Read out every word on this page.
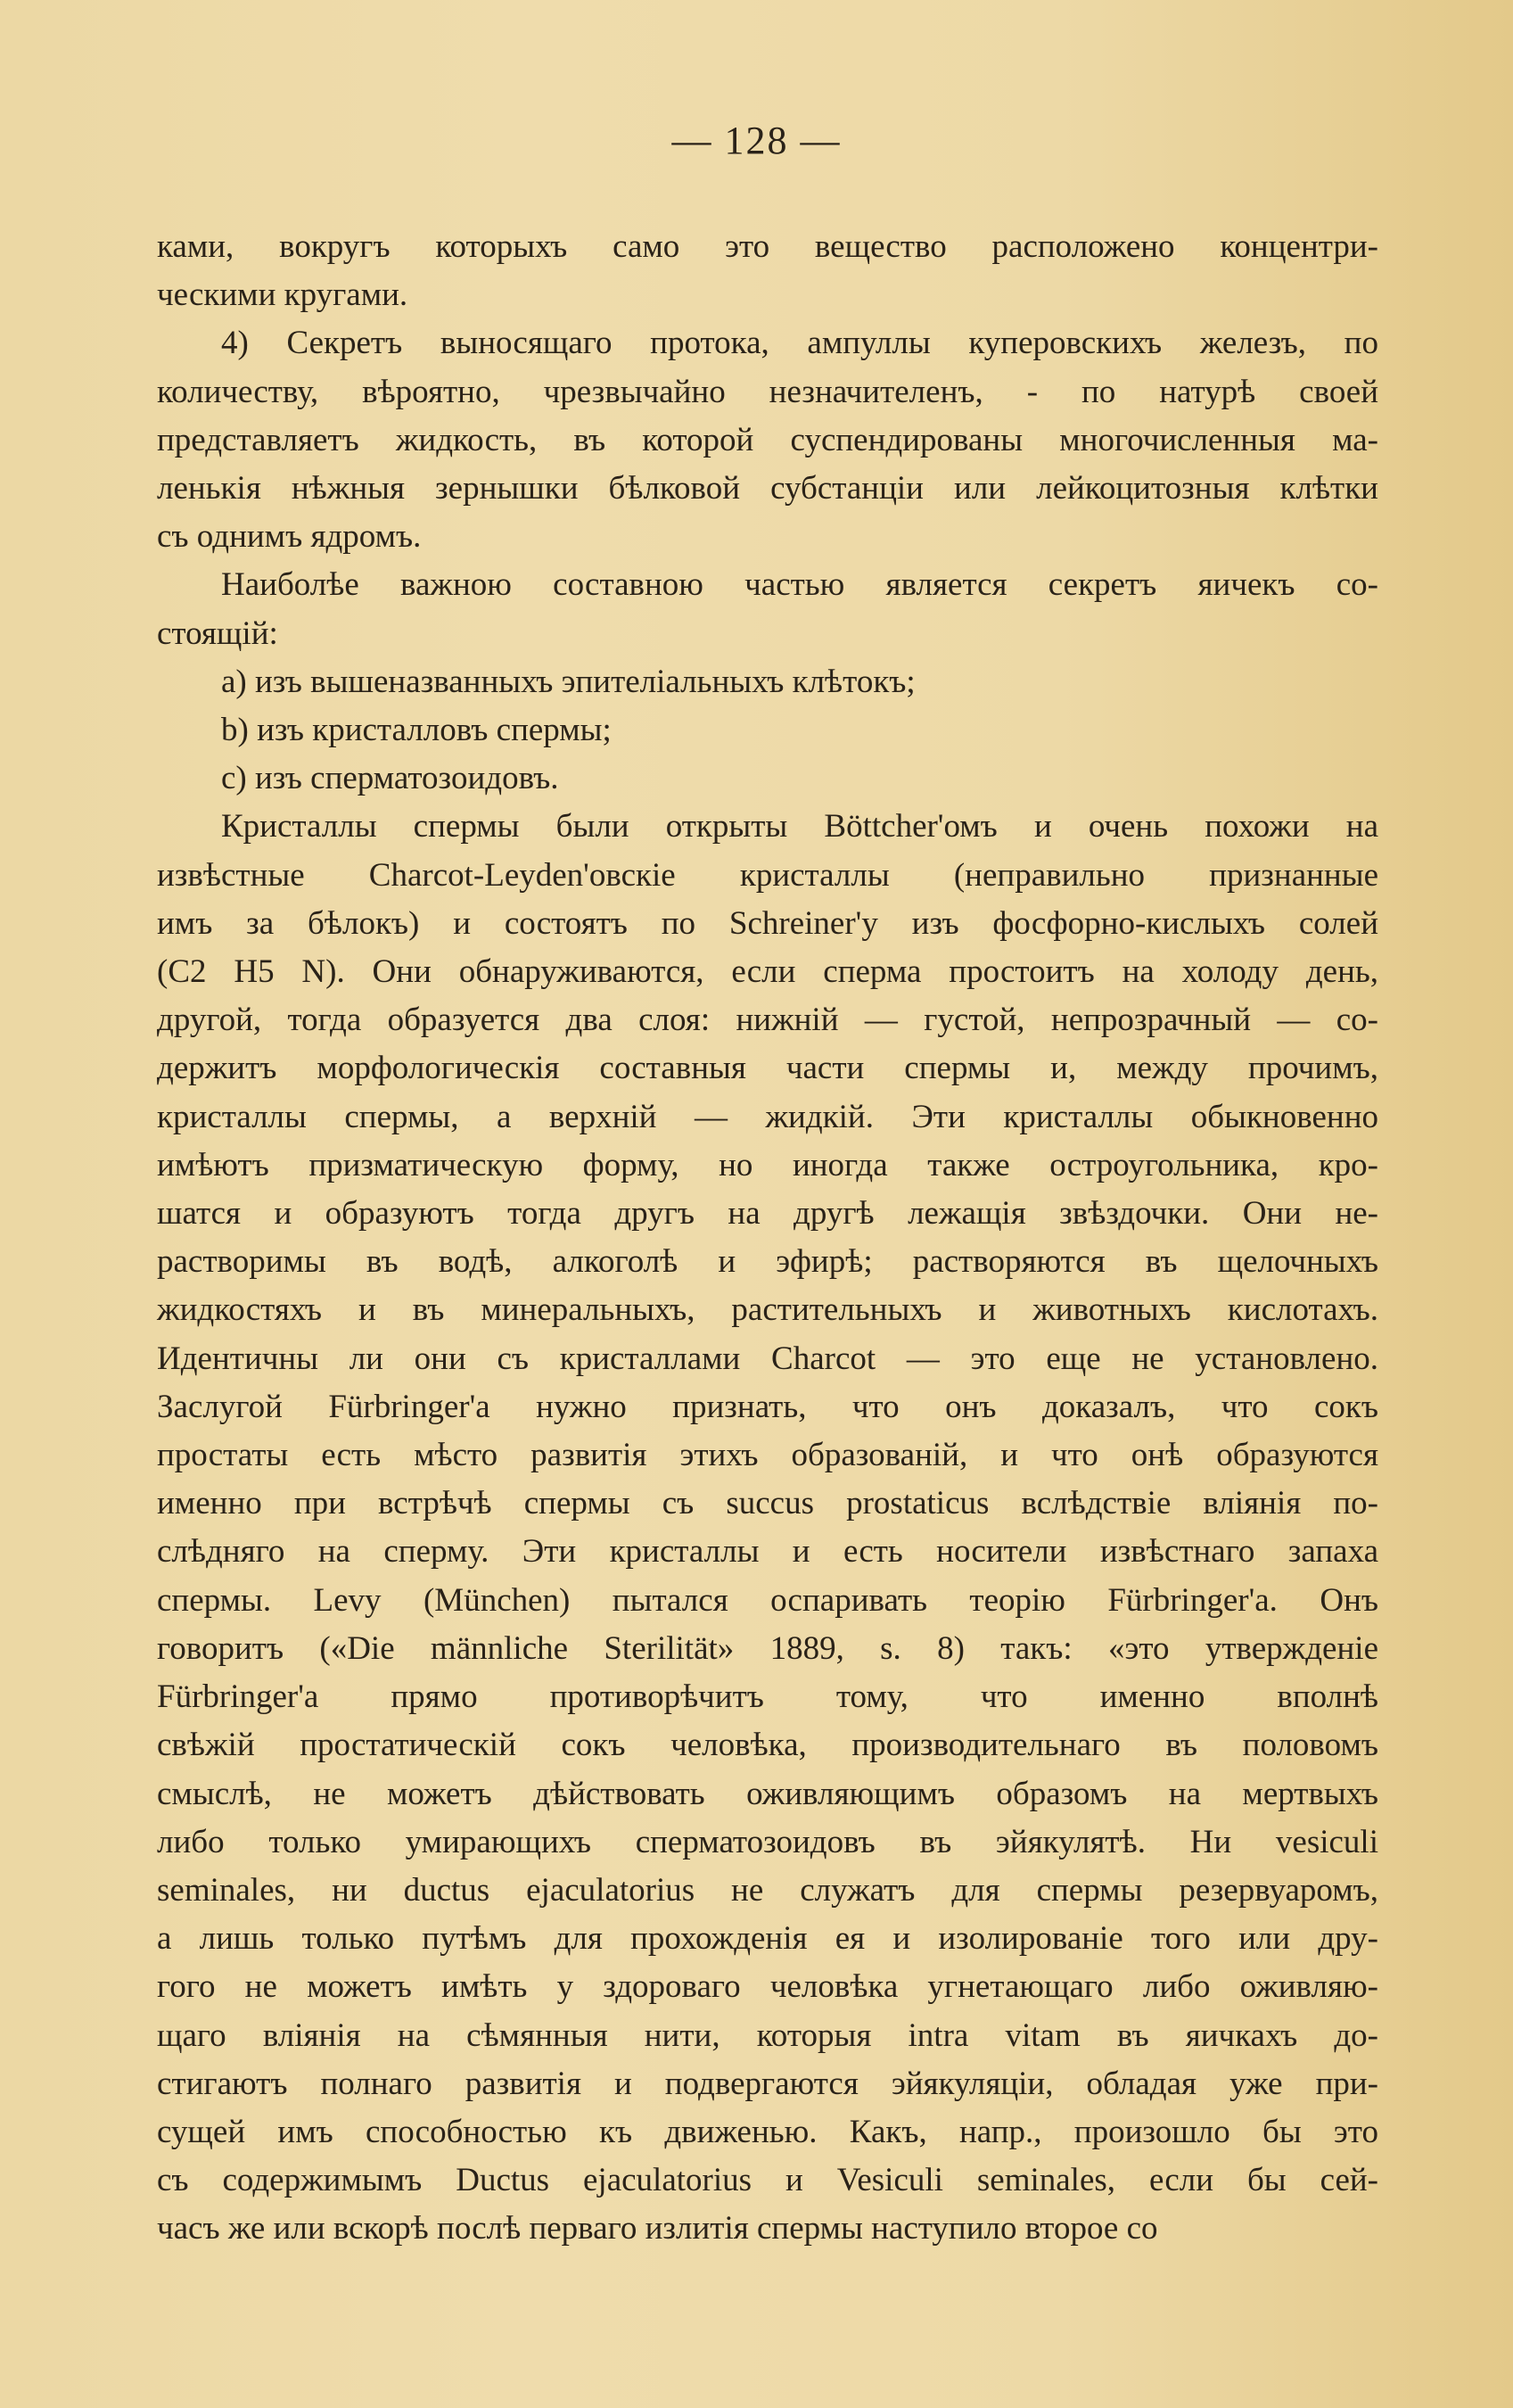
— 128 —

ками, вокругъ которыхъ само это вещество расположено концентри-

ческими кругами.

4) Секретъ выносящаго протока, ампуллы куперовскихъ железъ, по

количеству, вѣроятно, чрезвычайно незначителенъ, - по натурѣ своей

представляетъ жидкость, въ которой суспендированы многочисленныя ма-

ленькія нѣжныя зернышки бѣлковой субстанціи или лейкоцитозныя клѣтки

съ однимъ ядромъ.

Наиболѣе важною составною частью является секретъ яичекъ со-

стоящій:

a) изъ вышеназванныхъ эпителіальныхъ клѣтокъ;

b) изъ кристалловъ спермы;

c) изъ сперматозоидовъ.

Кристаллы спермы были открыты Böttcher'омъ и очень похожи на

извѣстные Charcot-Leyden'овскіе кристаллы (неправильно признанные

имъ за бѣлокъ) и состоятъ по Schreiner'у изъ фосфорно-кислыхъ солей

(C2 H5 N). Они обнаруживаются, если сперма простоитъ на холоду день,

другой, тогда образуется два слоя: нижній — густой, непрозрачный — со-

держитъ морфологическія составныя части спермы и, между прочимъ,

кристаллы спермы, а верхній — жидкій. Эти кристаллы обыкновенно

имѣютъ призматическую форму, но иногда также остроугольника, кро-

шатся и образуютъ тогда другъ на другѣ лежащія звѣздочки. Они не-

растворимы въ водѣ, алкоголѣ и эфирѣ; растворяются въ щелочныхъ

жидкостяхъ и въ минеральныхъ, растительныхъ и животныхъ кислотахъ.

Идентичны ли они съ кристаллами Charcot — это еще не установлено.

Заслугой Fürbringer'а нужно признать, что онъ доказалъ, что сокъ

простаты есть мѣсто развитія этихъ образованій, и что онѣ образуются

именно при встрѣчѣ спермы съ succus prostaticus вслѣдствіе вліянія по-

слѣдняго на сперму. Эти кристаллы и есть носители извѣстнаго запаха

спермы. Levy (München) пытался оспаривать теорію Fürbringer'а. Онъ

говоритъ («Die männliche Sterilität» 1889, s. 8) такъ: «это утвержденіе

Fürbringer'а прямо противорѣчитъ тому, что именно вполнѣ

свѣжій простатическій сокъ человѣка, производительнаго въ половомъ

смыслѣ, не можетъ дѣйствовать оживляющимъ образомъ на мертвыхъ

либо только умирающихъ сперматозоидовъ въ эйякулятѣ. Ни vesiculi

seminales, ни ductus ejaculatorius не служатъ для спермы резервуаромъ,

а лишь только путѣмъ для прохожденія ея и изолированіе того или дру-

гого не можетъ имѣть у здороваго человѣка угнетающаго либо оживляю-

щаго вліянія на сѣмянныя нити, которыя intra vitam въ яичкахъ до-

стигаютъ полнаго развитія и подвергаются эйякуляціи, обладая уже при-

сущей имъ способностью къ движенью. Какъ, напр., произошло бы это

съ содержимымъ Ductus ejaculatorius и Vesiculi seminales, если бы сей-

часъ же или вскорѣ послѣ перваго излитія спермы наступило второе со
